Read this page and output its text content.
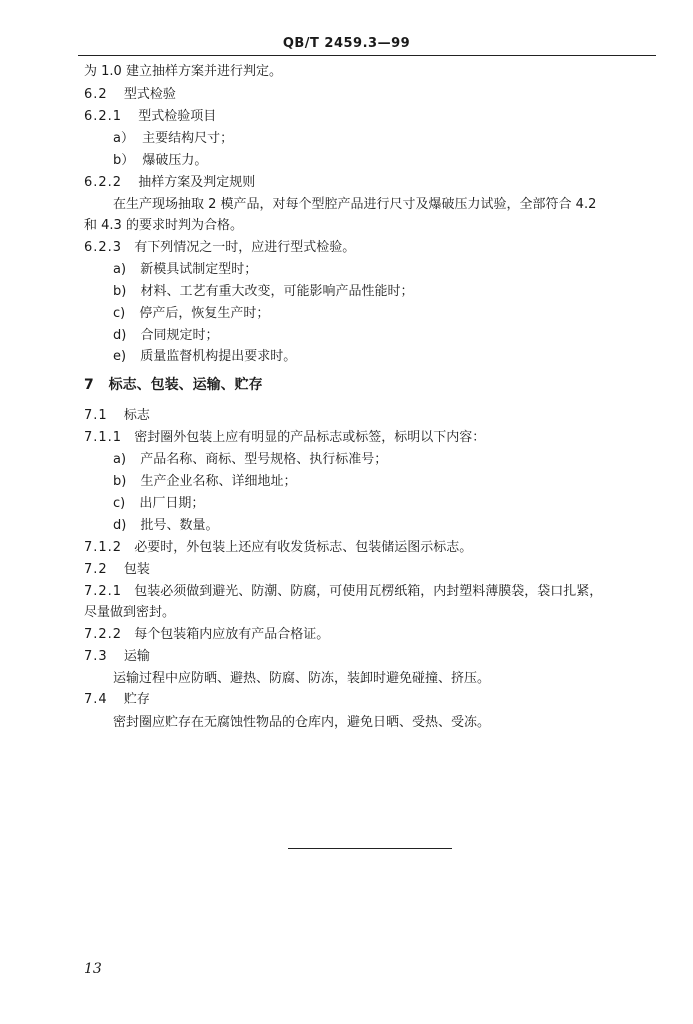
QB/T 2459.3—99
为 1.0 建立抽样方案并进行判定。
6.2 型式检验
6.2.1 型式检验项目
a） 主要结构尺寸；
b） 爆破压力。
6.2.2 抽样方案及判定规则
在生产现场抽取 2 模产品，对每个型腔产品进行尺寸及爆破压力试验，全部符合 4.2
和 4.3 的要求时判为合格。
6.2.3 有下列情况之一时，应进行型式检验。
a) 新模具试制定型时；
b) 材料、工艺有重大改变，可能影响产品性能时；
c) 停产后，恢复生产时；
d) 合同规定时；
e) 质量监督机构提出要求时。
7 标志、包装、运输、贮存
7.1 标志
7.1.1 密封圈外包装上应有明显的产品标志或标签，标明以下内容：
a) 产品名称、商标、型号规格、执行标准号；
b) 生产企业名称、详细地址；
c) 出厂日期；
d) 批号、数量。
7.1.2 必要时，外包装上还应有收发货标志、包装储运图示标志。
7.2 包装
7.2.1 包装必须做到避光、防潮、防腐，可使用瓦楞纸箱，内封塑料薄膜袋，袋口扎紧，
尽量做到密封。
7.2.2 每个包装箱内应放有产品合格证。
7.3 运输
运输过程中应防晒、避热、防腐、防冻，装卸时避免碰撞、挤压。
7.4 贮存
密封圈应贮存在无腐蚀性物品的仓库内，避免日晒、受热、受冻。
13
